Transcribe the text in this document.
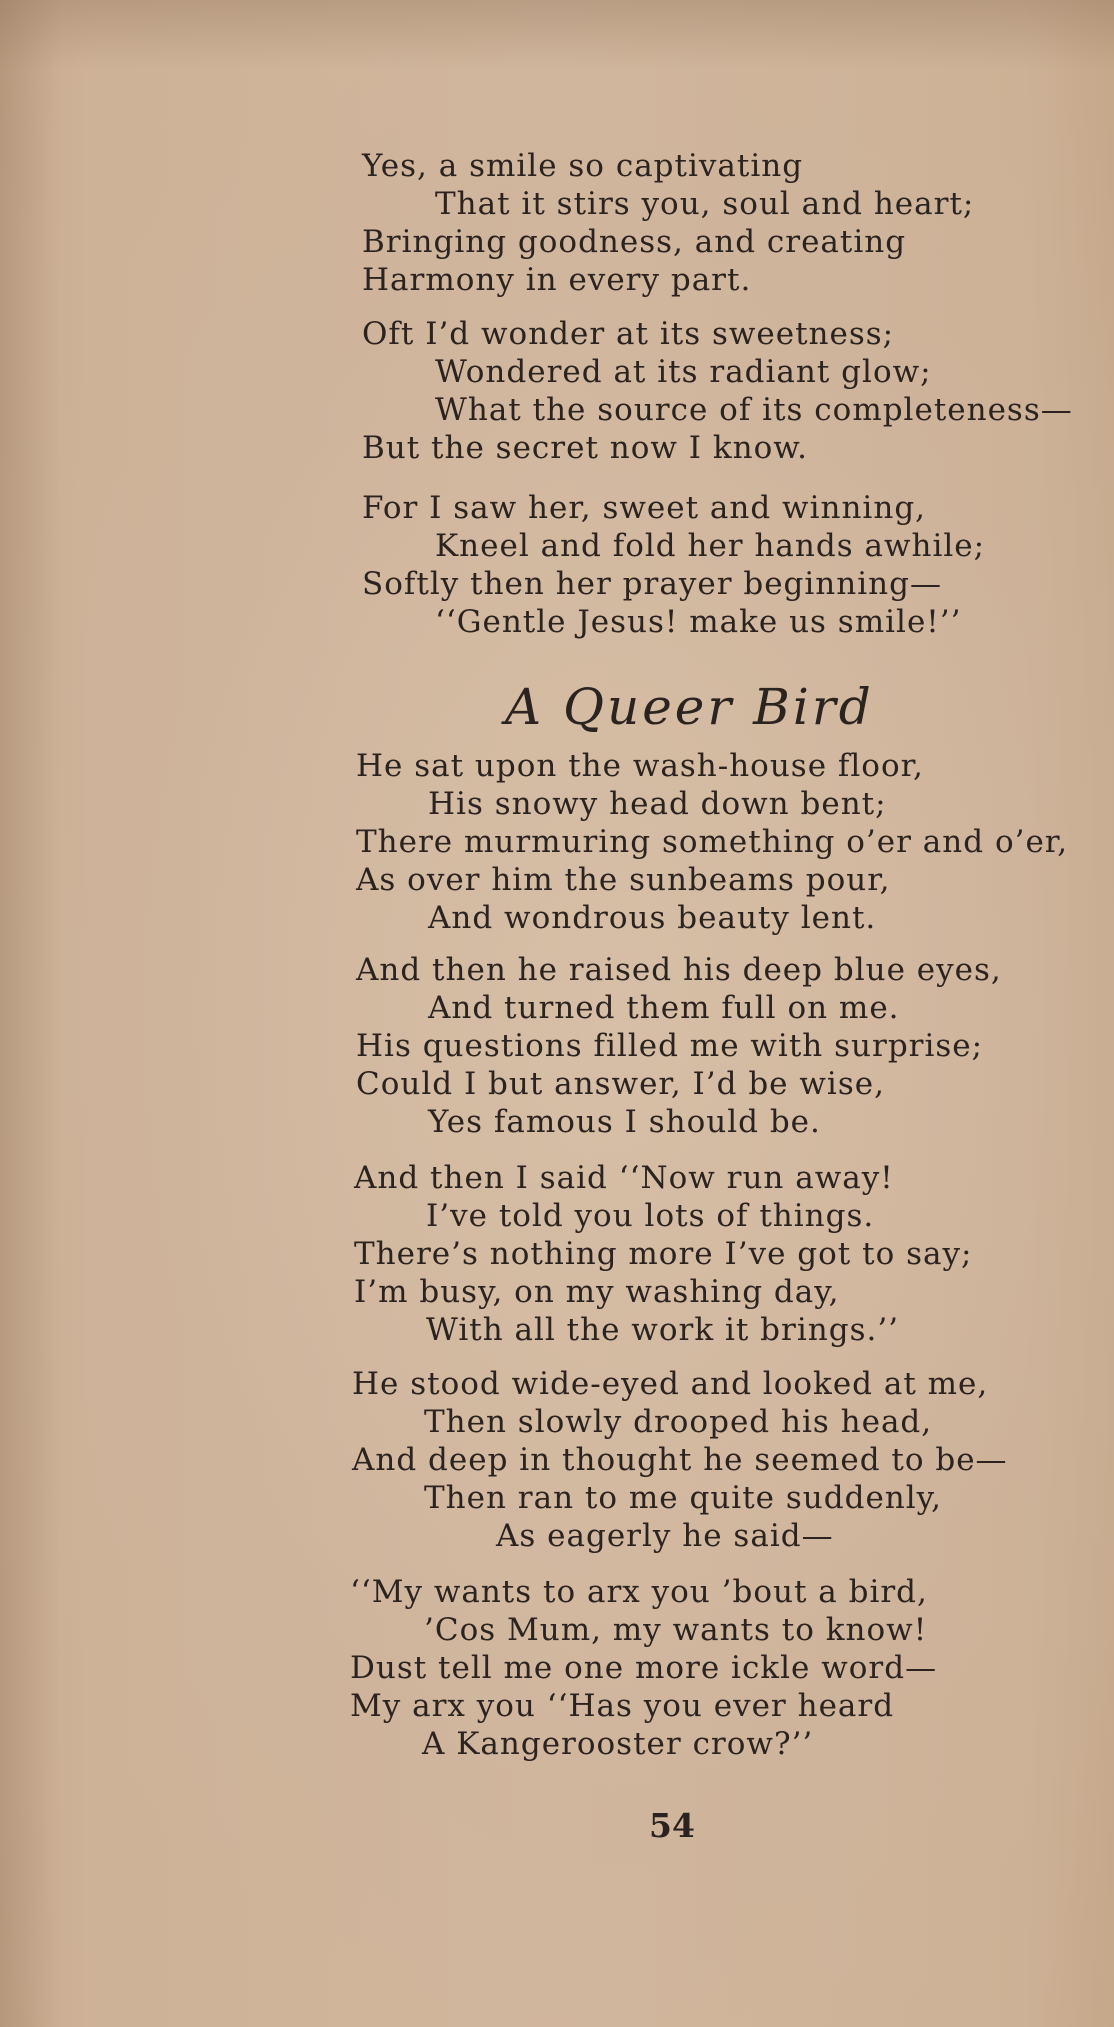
Yes, a smile so captivating
That it stirs you, soul and heart;
Bringing goodness, and creating
Harmony in every part.
Oft I’d wonder at its sweetness;
Wondered at its radiant glow;
What the source of its completeness—
But the secret now I know.
For I saw her, sweet and winning,
Kneel and fold her hands awhile;
Softly then her prayer beginning—
‘‘Gentle Jesus! make us smile!’’
A Queer Bird
He sat upon the wash-house floor,
His snowy head down bent;
There murmuring something o’er and o’er,
As over him the sunbeams pour,
And wondrous beauty lent.
And then he raised his deep blue eyes,
And turned them full on me.
His questions filled me with surprise;
Could I but answer, I’d be wise,
Yes famous I should be.
And then I said ‘‘Now run away!
I’ve told you lots of things.
There’s nothing more I’ve got to say;
I’m busy, on my washing day,
With all the work it brings.’’
He stood wide-eyed and looked at me,
Then slowly drooped his head,
And deep in thought he seemed to be—
Then ran to me quite suddenly,
As eagerly he said—
‘‘My wants to arx you ’bout a bird,
’Cos Mum, my wants to know!
Dust tell me one more ickle word—
My arx you ‘‘Has you ever heard
A Kangerooster crow?’’
54
